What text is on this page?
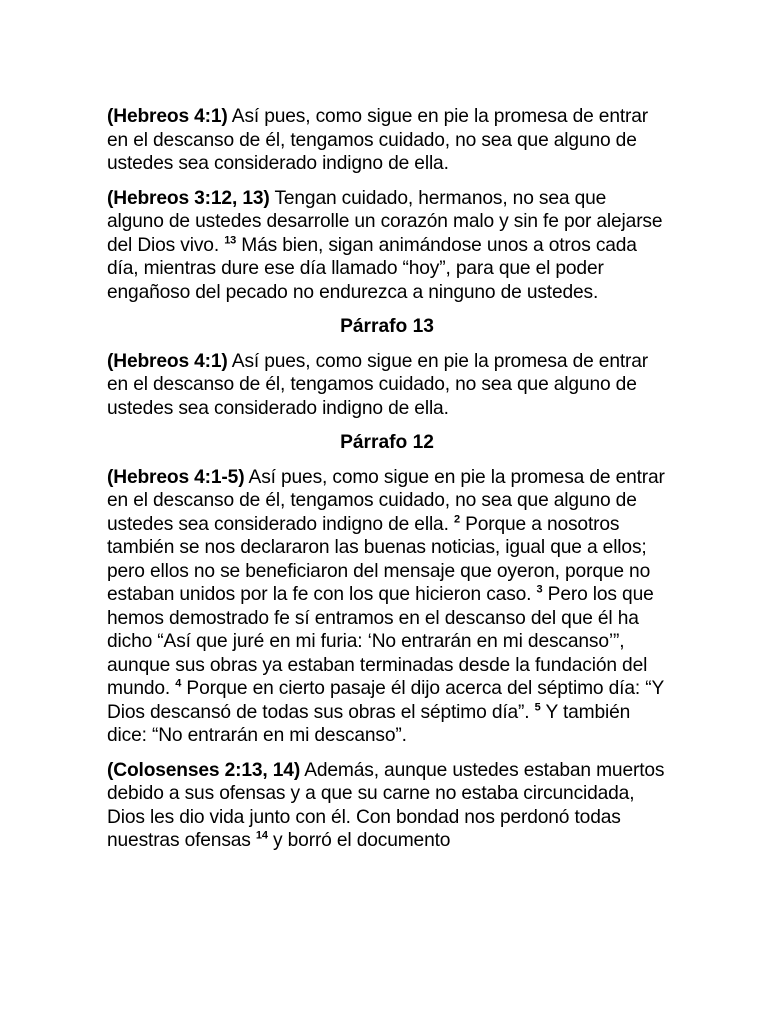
(Hebreos 4:1) Así pues, como sigue en pie la promesa de entrar en el descanso de él, tengamos cuidado, no sea que alguno de ustedes sea considerado indigno de ella.

(Hebreos 3:12, 13) Tengan cuidado, hermanos, no sea que alguno de ustedes desarrolle un corazón malo y sin fe por alejarse del Dios vivo. $^{13}$ Más bien, sigan animándose unos a otros cada día, mientras dure ese día llamado “hoy”, para que el poder engañoso del pecado no endurezca a ninguno de ustedes.

Párrafo 13

(Hebreos 4:1) Así pues, como sigue en pie la promesa de entrar en el descanso de él, tengamos cuidado, no sea que alguno de ustedes sea considerado indigno de ella.

Párrafo 12

(Hebreos 4:1-5) Así pues, como sigue en pie la promesa de entrar en el descanso de él, tengamos cuidado, no sea que alguno de ustedes sea considerado indigno de ella. $^2$ Porque a nosotros también se nos declararon las buenas noticias, igual que a ellos; pero ellos no se beneficiaron del mensaje que oyeron, porque no estaban unidos por la fe con los que hicieron caso. $^3$ Pero los que hemos demostrado fe sí entramos en el descanso del que él ha dicho “Así que juré en mi furia: ‘No entrarán en mi descanso’”, aunque sus obras ya estaban terminadas desde la fundación del mundo. $^4$ Porque en cierto pasaje él dijo acerca del séptimo día: “Y Dios descansó de todas sus obras el séptimo día”. $^5$ Y también dice: “No entrarán en mi descanso”.

(Colosenses 2:13, 14) Además, aunque ustedes estaban muertos debido a sus ofensas y a que su carne no estaba circuncidada, Dios les dio vida junto con él. Con bondad nos perdonó todas nuestras ofensas $^{14}$ y borró el documento
